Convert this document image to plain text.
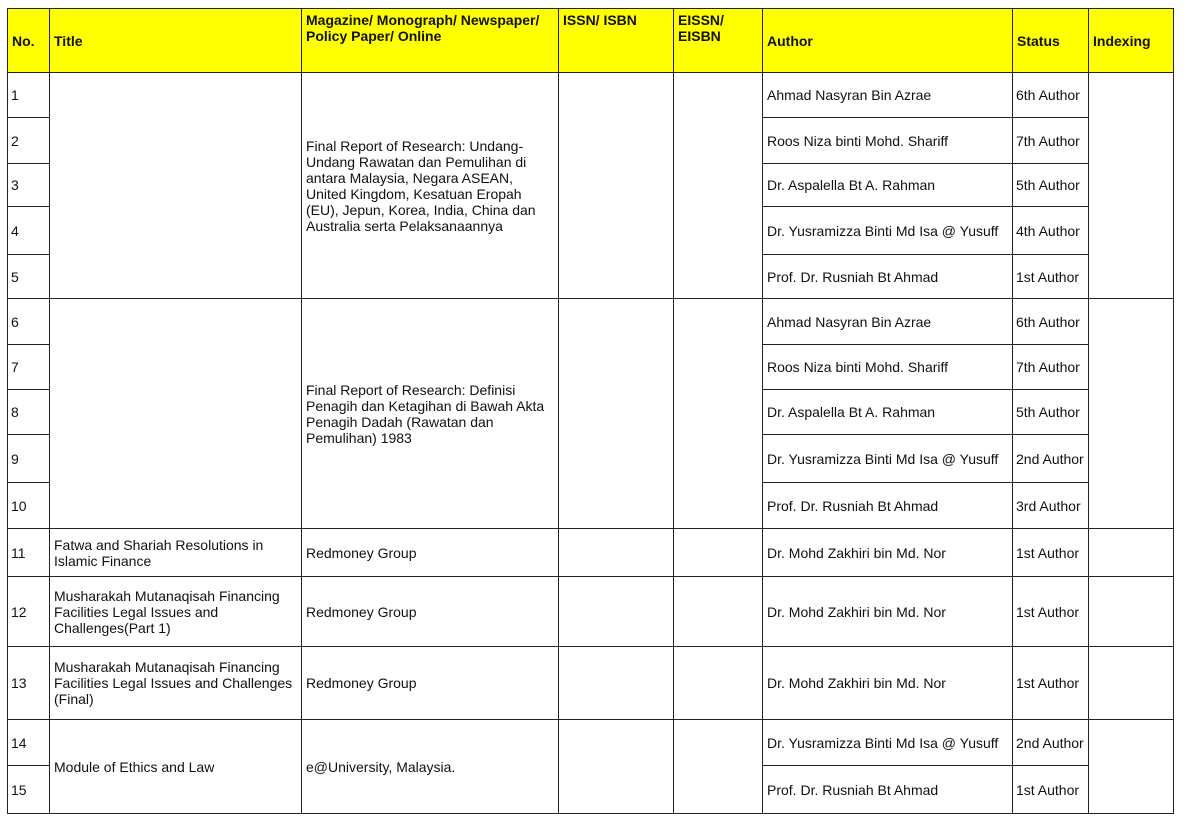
No.	Title	Magazine/ Monograph/ Newspaper/ Policy Paper/ Online	ISSN/ ISBN	EISSN/ EISBN	Author	Status	Indexing
1		Final Report of Research: Undang-Undang Rawatan dan Pemulihan di antara Malaysia, Negara ASEAN, United Kingdom, Kesatuan Eropah (EU), Jepun, Korea, India, China dan Australia serta Pelaksanaannya			Ahmad Nasyran Bin Azrae	6th Author	
2					Roos Niza binti Mohd. Shariff	7th Author	
3					Dr. Aspalella Bt A. Rahman	5th Author	
4					Dr. Yusramizza Binti Md Isa @ Yusuff	4th Author	
5					Prof. Dr. Rusniah Bt Ahmad	1st Author	
6		Final Report of Research: Definisi Penagih dan Ketagihan di Bawah Akta Penagih Dadah (Rawatan dan Pemulihan) 1983			Ahmad Nasyran Bin Azrae	6th Author	
7					Roos Niza binti Mohd. Shariff	7th Author	
8					Dr. Aspalella Bt A. Rahman	5th Author	
9					Dr. Yusramizza Binti Md Isa @ Yusuff	2nd Author	
10					Prof. Dr. Rusniah Bt Ahmad	3rd Author	
11	Fatwa and Shariah Resolutions in Islamic Finance	Redmoney Group			Dr. Mohd Zakhiri bin Md. Nor	1st Author	
12	Musharakah Mutanaqisah Financing Facilities Legal Issues and Challenges(Part 1)	Redmoney Group			Dr. Mohd Zakhiri bin Md. Nor	1st Author	
13	Musharakah Mutanaqisah Financing Facilities Legal Issues and Challenges (Final)	Redmoney Group			Dr. Mohd Zakhiri bin Md. Nor	1st Author	
14	Module of Ethics and Law	e@University, Malaysia.			Dr. Yusramizza Binti Md Isa @ Yusuff	2nd Author	
15					Prof. Dr. Rusniah Bt Ahmad	1st Author	
